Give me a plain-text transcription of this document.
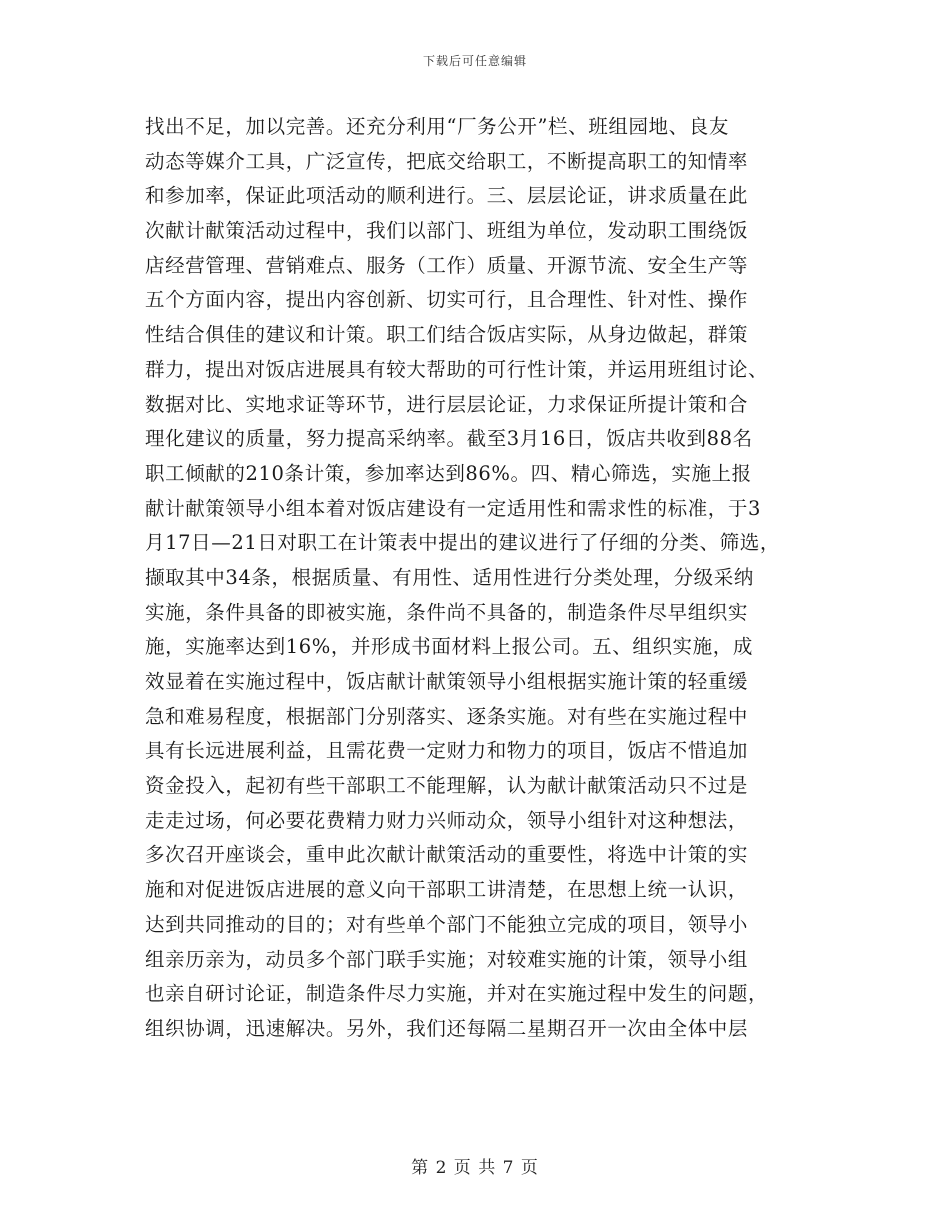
下载后可任意编辑
找出不足，加以完善。还充分利用“厂务公开”栏、班组园地、良友
动态等媒介工具，广泛宣传，把底交给职工，不断提高职工的知情率
和参加率，保证此项活动的顺利进行。三、层层论证，讲求质量在此
次献计献策活动过程中，我们以部门、班组为单位，发动职工围绕饭
店经营管理、营销难点、服务（工作）质量、开源节流、安全生产等
五个方面内容，提出内容创新、切实可行，且合理性、针对性、操作
性结合俱佳的建议和计策。职工们结合饭店实际，从身边做起，群策
群力，提出对饭店进展具有较大帮助的可行性计策，并运用班组讨论、
数据对比、实地求证等环节，进行层层论证，力求保证所提计策和合
理化建议的质量，努力提高采纳率。截至3月16日，饭店共收到88名
职工倾献的210条计策，参加率达到86%。四、精心筛选，实施上报
献计献策领导小组本着对饭店建设有一定适用性和需求性的标准，于3
月17日—21日对职工在计策表中提出的建议进行了仔细的分类、筛选，
撷取其中34条，根据质量、有用性、适用性进行分类处理，分级采纳
实施，条件具备的即被实施，条件尚不具备的，制造条件尽早组织实
施，实施率达到16%，并形成书面材料上报公司。五、组织实施，成
效显着在实施过程中，饭店献计献策领导小组根据实施计策的轻重缓
急和难易程度，根据部门分别落实、逐条实施。对有些在实施过程中
具有长远进展利益，且需花费一定财力和物力的项目，饭店不惜追加
资金投入，起初有些干部职工不能理解，认为献计献策活动只不过是
走走过场，何必要花费精力财力兴师动众，领导小组针对这种想法，
多次召开座谈会，重申此次献计献策活动的重要性，将选中计策的实
施和对促进饭店进展的意义向干部职工讲清楚，在思想上统一认识，
达到共同推动的目的；对有些单个部门不能独立完成的项目，领导小
组亲历亲为，动员多个部门联手实施；对较难实施的计策，领导小组
也亲自研讨论证，制造条件尽力实施，并对在实施过程中发生的问题，
组织协调，迅速解决。另外，我们还每隔二星期召开一次由全体中层
第 2 页 共 7 页
